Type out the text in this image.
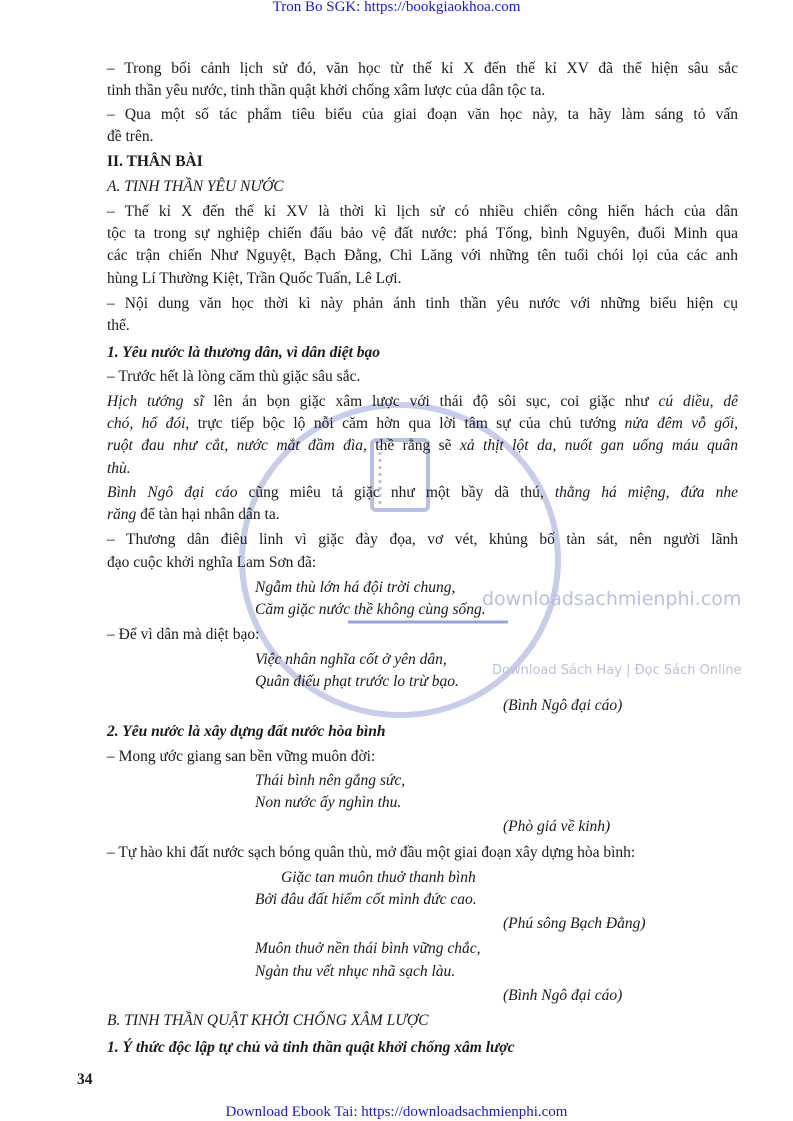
downloadsachmienphi.com
Download Sách Hay | Đọc Sách Online
Tron Bo SGK: https://bookgiaokhoa.com
– Trong bối cảnh lịch sử đó, văn học từ thế kỉ X đến thế kỉ XV đã thể hiện sâu sắc
tinh thần yêu nước, tinh thần quật khởi chống xâm lược của dân tộc ta.
– Qua một số tác phẩm tiêu biểu của giai đoạn văn học này, ta hãy làm sáng tỏ vấn
đề trên.
II. THÂN BÀI
A. TINH THẦN YÊU NƯỚC
– Thế kỉ X đến thế kỉ XV là thời kì lịch sử có nhiều chiến công hiển hách của dân
tộc ta trong sự nghiệp chiến đấu bảo vệ đất nước: phá Tống, bình Nguyên, đuổi Minh qua
các trận chiến Như Nguyệt, Bạch Đằng, Chi Lăng với những tên tuổi chói lọi của các anh
hùng Lí Thường Kiệt, Trần Quốc Tuấn, Lê Lợi.
– Nội dung văn học thời kì này phản ánh tinh thần yêu nước với những biểu hiện cụ
thể.
1. Yêu nước là thương dân, vì dân diệt bạo
– Trước hết là lòng căm thù giặc sâu sắc.
Hịch tướng sĩ lên án bọn giặc xâm lược với thái độ sôi sục, coi giặc như cú diều, dê
chó, hổ đói, trực tiếp bộc lộ nỗi căm hờn qua lời tâm sự của chủ tướng nửa đêm vỗ gối,
ruột đau như cắt, nước mắt đầm đìa, thề rằng sẽ xả thịt lột da, nuốt gan uống máu quân
thù.
Bình Ngô đại cáo cũng miêu tả giặc như một bầy dã thú, thằng há miệng, đứa nhe
răng để tàn hại nhân dân ta.
– Thương dân điêu linh vì giặc đày đọa, vơ vét, khủng bố tàn sát, nên người lãnh
đạo cuộc khởi nghĩa Lam Sơn đã:
Ngẫm thù lớn há đội trời chung,
Căm giặc nước thề không cùng sống.
– Để vì dân mà diệt bạo:
Việc nhân nghĩa cốt ở yên dân,
Quân điếu phạt trước lo trừ bạo.
(Bình Ngô đại cáo)
2. Yêu nước là xây dựng đất nước hòa bình
– Mong ước giang san bền vững muôn đời:
Thái bình nên gắng sức,
Non nước ấy nghìn thu.
(Phò giá về kinh)
– Tự hào khi đất nước sạch bóng quân thù, mở đầu một giai đoạn xây dựng hòa bình:
Giặc tan muôn thuở thanh bình
Bởi đâu đất hiểm cốt mình đức cao.
(Phú sông Bạch Đằng)
Muôn thuở nền thái bình vững chắc,
Ngàn thu vết nhục nhã sạch làu.
(Bình Ngô đại cáo)
B. TINH THẦN QUẬT KHỞI CHỐNG XÂM LƯỢC
1. Ý thức độc lập tự chủ và tinh thần quật khởi chống xâm lược
34
Download Ebook Tai: https://downloadsachmienphi.com
